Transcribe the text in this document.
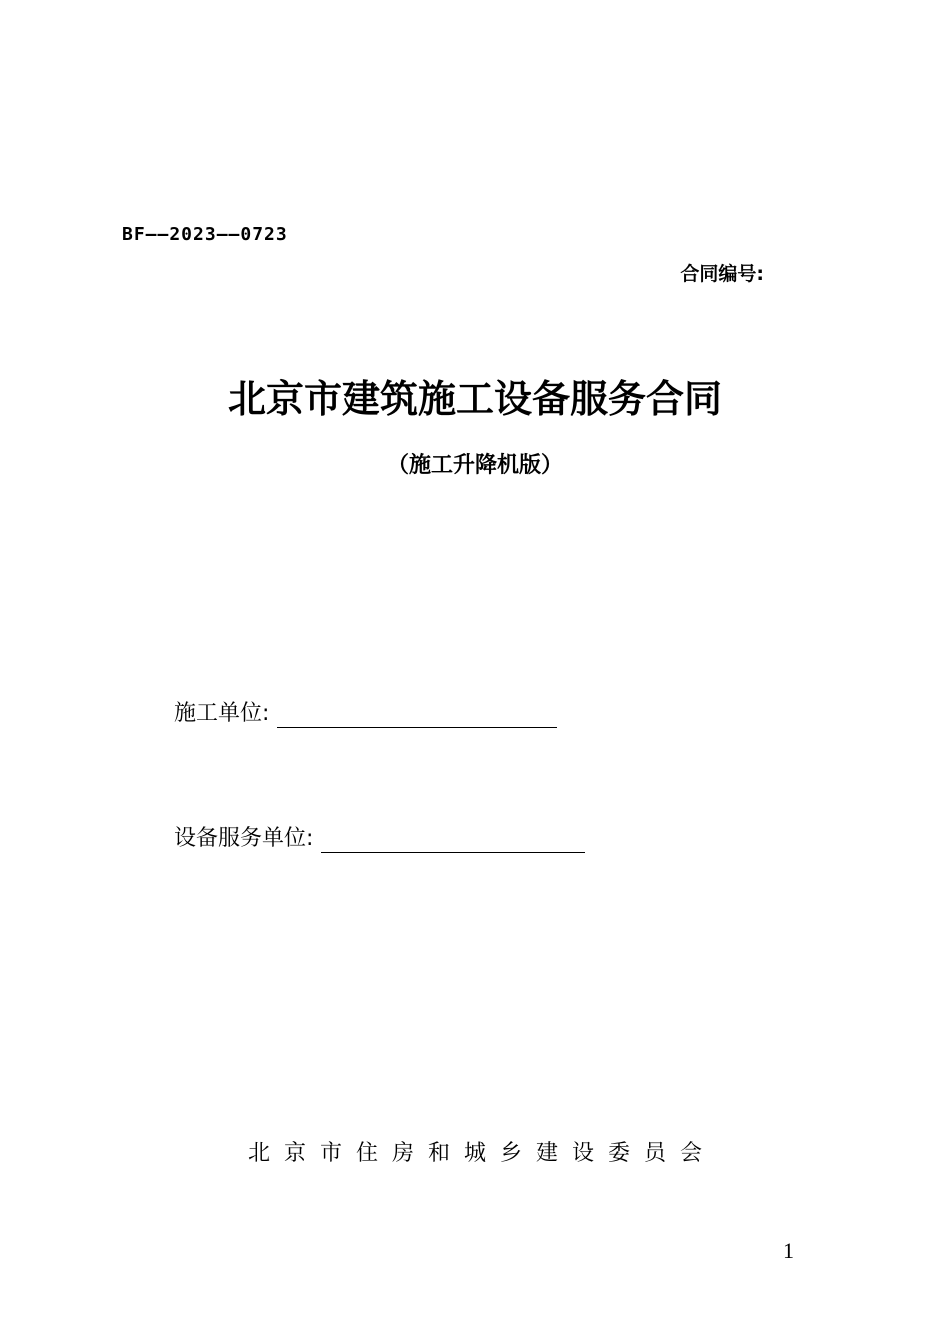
BF——2023——0723
合同编号:
北京市建筑施工设备服务合同
（施工升降机版）
施工单位:
设备服务单位:
北京市住房和城乡建设委员会
1
